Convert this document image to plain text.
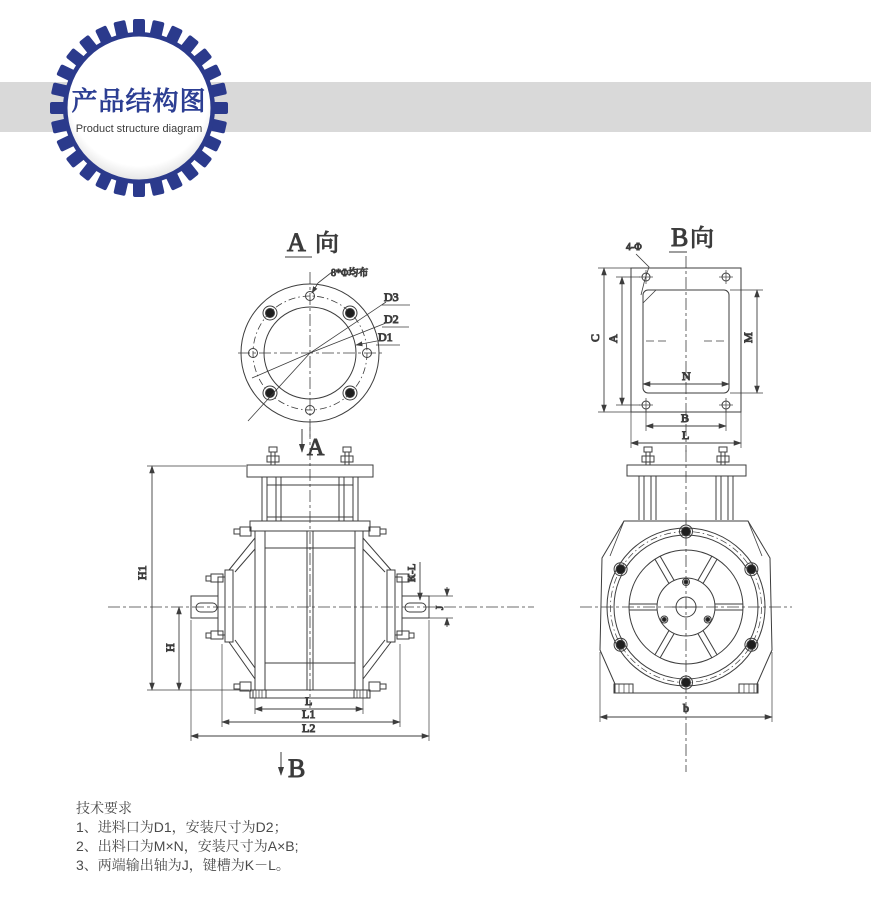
产品结构图
Product structure diagram
A 向
8*Φ均布
D3
D2
D1
A
B 向
4-Φ
C A	M
N
B
L
H1
H
K-L
J
L
L1
L2
B
b
技术要求
1、进料口为D1，安装尺寸为D2；
2、出料口为M×N，安装尺寸为A×B;
3、两端输出轴为J，键槽为K－L。
